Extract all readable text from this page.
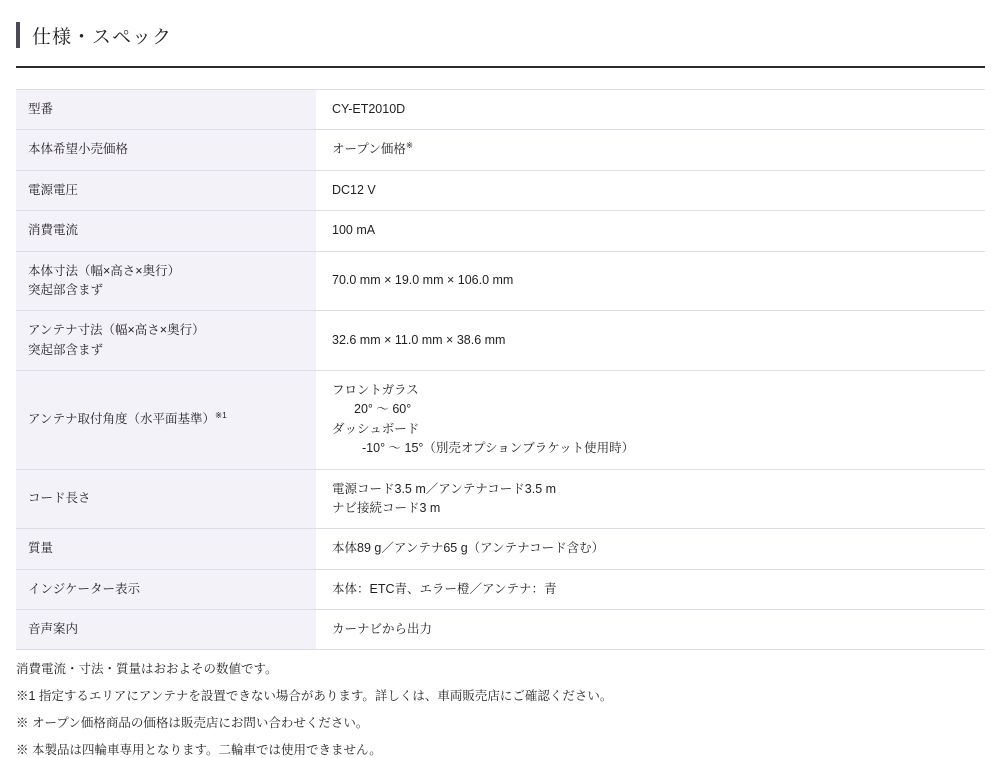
仕様・スペック
型番	CY-ET2010D
本体希望小売価格	オープン価格※
電源電圧	DC12 V
消費電流	100 mA
本体寸法（幅×高さ×奥行）
突起部含まず	70.0 mm × 19.0 mm × 106.0 mm
アンテナ寸法（幅×高さ×奥行）
突起部含まず	32.6 mm × 11.0 mm × 38.6 mm
アンテナ取付角度（水平面基準）$^{※1}$	フロントガラス
20° 〜 60°
ダッシュボード
-10° 〜 15°（別売オプションブラケット使用時）

コード長さ	電源コード3.5 m／アンテナコード3.5 m
ナビ接続コード3 m
質量	本体89 g／アンテナ65 g（アンテナコード含む）
インジケーター表示	本体：ETC青、エラー橙／アンテナ：青
音声案内	カーナビから出力
消費電流・寸法・質量はおおよその数値です。
※1 指定するエリアにアンテナを設置できない場合があります。詳しくは、車両販売店にご確認ください。
※ オープン価格商品の価格は販売店にお問い合わせください。
※ 本製品は四輪車専用となります。二輪車では使用できません。
